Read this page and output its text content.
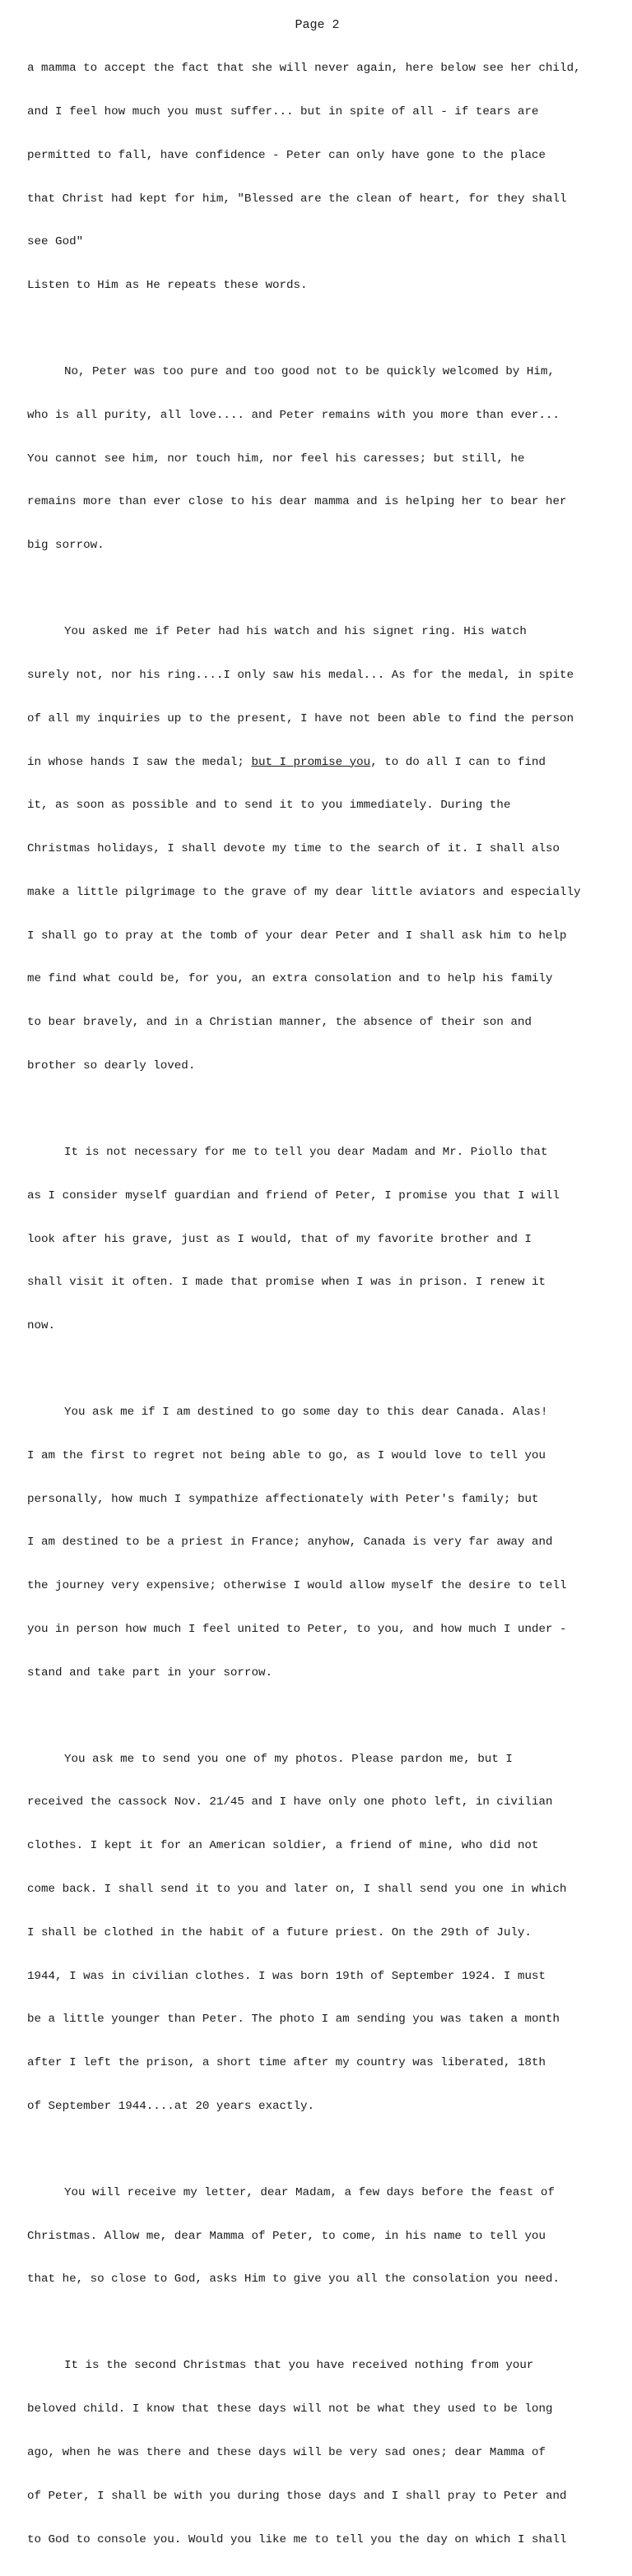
Page 2

a mamma to accept the fact that she will never again, here below see her child,

and I feel how much you must suffer... but in spite of all - if tears are

permitted to fall, have confidence - Peter can only have gone to the place

that Christ had kept for him, "Blessed are the clean of heart, for they shall

see God"

Listen to Him as He repeats these words.

No, Peter was too pure and too good not to be quickly welcomed by Him,

who is all purity, all love.... and Peter remains with you more than ever...

You cannot see him, nor touch him, nor feel his caresses; but still, he

remains more than ever close to his dear mamma and is helping her to bear her

big sorrow.

You asked me if Peter had his watch and his signet ring. His watch

surely not, nor his ring....I only saw his medal... As for the medal, in spite

of all my inquiries up to the present, I have not been able to find the person

in whose hands I saw the medal; but I promise you, to do all I can to find

it, as soon as possible and to send it to you immediately. During the

Christmas holidays, I shall devote my time to the search of it. I shall also

make a little pilgrimage to the grave of my dear little aviators and especially

I shall go to pray at the tomb of your dear Peter and I shall ask him to help

me find what could be, for you, an extra consolation and to help his family

to bear bravely, and in a Christian manner, the absence of their son and

brother so dearly loved.

It is not necessary for me to tell you dear Madam and Mr. Piollo that

as I consider myself guardian and friend of Peter, I promise you that I will

look after his grave, just as I would, that of my favorite brother and I

shall visit it often. I made that promise when I was in prison. I renew it

now.

You ask me if I am destined to go some day to this dear Canada. Alas!

I am the first to regret not being able to go, as I would love to tell you

personally, how much I sympathize affectionately with Peter's family; but

I am destined to be a priest in France; anyhow, Canada is very far away and

the journey very expensive; otherwise I would allow myself the desire to tell

you in person how much I feel united to Peter, to you, and how much I under -

stand and take part in your sorrow.

You ask me to send you one of my photos. Please pardon me, but I

received the cassock Nov. 21/45 and I have only one photo left, in civilian

clothes. I kept it for an American soldier, a friend of mine, who did not

come back. I shall send it to you and later on, I shall send you one in which

I shall be clothed in the habit of a future priest. On the 29th of July.

1944, I was in civilian clothes. I was born 19th of September 1924. I must

be a little younger than Peter. The photo I am sending you was taken a month

after I left the prison, a short time after my country was liberated, 18th

of September 1944....at 20 years exactly.

You will receive my letter, dear Madam, a few days before the feast of

Christmas. Allow me, dear Mamma of Peter, to come, in his name to tell you

that he, so close to God, asks Him to give you all the consolation you need.

It is the second Christmas that you have received nothing from your

beloved child. I know that these days will not be what they used to be long

ago, when he was there and these days will be very sad ones; dear Mamma of

of Peter, I shall be with you during those days and I shall pray to Peter and

to God to console you. Would you like me to tell you the day on which I shall
